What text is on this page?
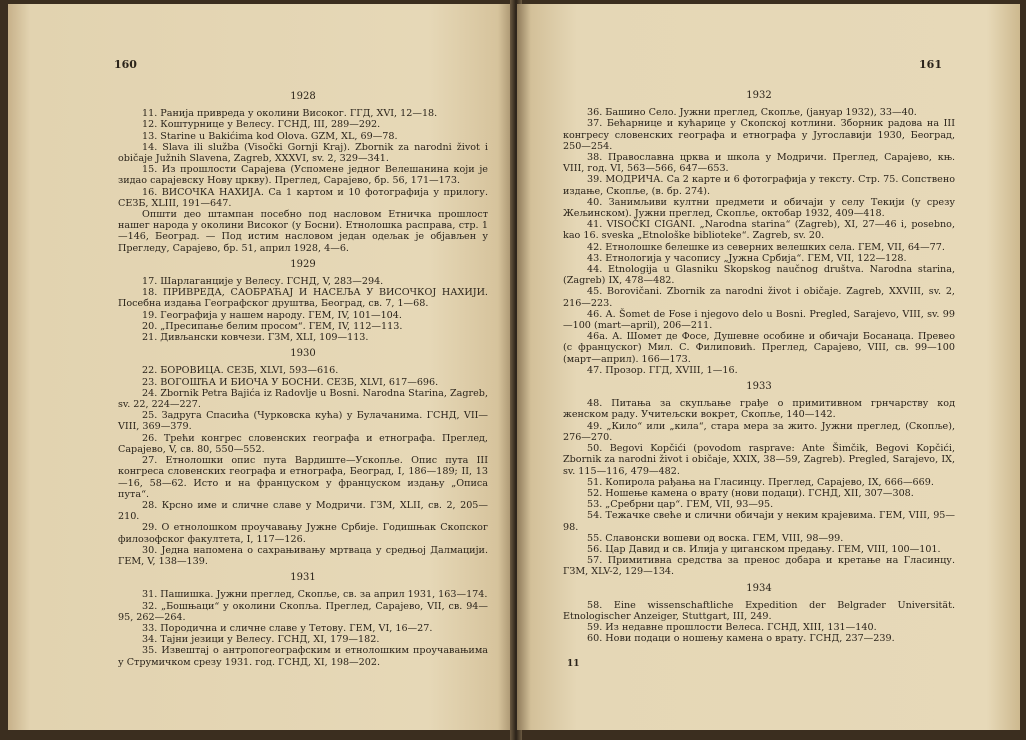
160
1928

11. Ранија привреда у околини Високог. ГГД, XVI, 12—18.

12. Коштурнице у Велесу. ГСНД, III, 289—292.

13. Starine u Bakićima kod Olova. GZM, XL, 69—78.

14. Slava ili služba (Visočki Gornji Kraj). Zbornik za narodni život i običaje Južnih Slavena, Zagreb, XXXVI, sv. 2, 329—341.

15. Из прошлости Сарајева (Успомене једног Велешанина који је зидао сарајевску Нову цркву). Преглед, Сарајево, бр. 56, 171—173.

16. ВИСОЧКА НАХИЈА. Са 1 картом и 10 фотографија у прилогу. СЕЗБ, XLIII, 191—647.

Општи део штампан посебно под насловом Етничка прошлост нашег народа у околини Високог (у Босни). Етнолошка расправа, стр. 1—146, Београд. — Под истим насловом један одељак је објављен у Прегледу, Сарајево, бр. 51, април 1928, 4—6.

1929

17. Шарлаганције у Велесу. ГСНД, V, 283—294.

18. ПРИВРЕДА, САОБРАЋАЈ И НАСЕЉА У ВИСОЧКОЈ НАХИЈИ. Посебна издања Географског друштва, Београд, св. 7, 1—68.

19. Географија у нашем народу. ГЕМ, IV, 101—104.

20. „Пресипање белим просом“. ГЕМ, IV, 112—113.

21. Дивљански ковчези. ГЗМ, XLI, 109—113.

1930

22. БОРОВИЦА. СЕЗБ, XLVI, 593—616.

23. ВОГОШЋА И БИОЧА У БОСНИ. СЕЗБ, XLVI, 617—696.

24. Zbornik Petra Bajića iz Radovlje u Bosni. Narodna Starina, Zagreb, sv. 22, 224—227.

25. Задруга Спасића (Чурковска кућа) у Булачанима. ГСНД, VII—VIII, 369—379.

26. Трећи конгрес словенских географа и етнографа. Преглед, Сарајево, V, св. 80, 550—552.

27. Етнолошки опис пута Вардиште—Ускопље. Опис пута III конгреса словенских географа и етнографа, Београд, I, 186—189; II, 13—16, 58—62. Исто и на француском у француском издању „Описа пута“.

28. Крсно име и сличне славе у Модричи. ГЗМ, XLII, св. 2, 205—210.

29. О етнолошком проучавању Јужне Србије. Годишњак Скопског филозофског факултета, I, 117—126.

30. Једна напомена о сахрањивању мртваца у средњој Далмацији. ГЕМ, V, 138—139.

1931

31. Пашишка. Јужни преглед, Скопље, св. за април 1931, 163—174.

32. „Бошњаци“ у околини Скопља. Преглед, Сарајево, VII, св. 94—95, 262—264.

33. Породична и сличне славе у Тетову. ГЕМ, VI, 16—27.

34. Тајни језици у Велесу. ГСНД, XI, 179—182.

35. Извештај о антропогеографским и етнолошким проучавањима у Струмичком срезу 1931. год. ГСНД, XI, 198—202.

161
1932

36. Башино Село. Јужни преглед, Скопље, (јануар 1932), 33—40.

37. Бећарнице и кућарице у Скопској котлини. Зборник радова на III конгресу словенских географа и етнографа у Југославији 1930, Београд, 250—254.

38. Православна црква и школа у Модричи. Преглед, Сарајево, књ. VIII, год. VI, 563—566, 647—653.

39. МОДРИЧА. Са 2 карте и 6 фотографија у тексту. Стр. 75. Сопствено издање, Скопље, (в. бр. 274).

40. Занимљиви култни предмети и обичаји у селу Текији (у срезу Жељинском). Јужни преглед, Скопље, октобар 1932, 409—418.

41. VISOČKI CIGANI. „Narodna starina“ (Zagreb), XI, 27—46 i, posebno, kao 16. sveska „Etnološke biblioteke“. Zagreb, sv. 20.

42. Етнолошке белешке из северних велешких села. ГЕМ, VII, 64—77.

43. Етнологија у часопису „Јужна Србија“. ГЕМ, VII, 122—128.

44. Etnologija u Glasniku Skopskog naučnog društva. Narodna starina, (Zagreb) IX, 478—482.

45. Borovičani. Zbornik za narodni život i običaje. Zagreb, XXVIII, sv. 2, 216—223.

46. A. Šomet de Fose i njegovo delo u Bosni. Pregled, Sarajevo, VIII, sv. 99—100 (mart—april), 206—211.

46а. А. Шомет де Фосе, Душевне особине и обичаји Босанаца. Превео (с француског) Мил. С. Филиповић. Преглед, Сарајево, VIII, св. 99—100 (март—април). 166—173.

47. Прозор. ГГД, XVIII, 1—16.

1933

48. Питања за скупљање грађе о примитивном грнчарству код женском раду. Учитељски вокрет, Скопље, 140—142.

49. „Кило“ или „кила“, стара мера за жито. Јужни преглед, (Скопље), 276—270.

50. Begovi Kopčići (povodom rasprave: Ante Šimčik, Begovi Kopčići, Zbornik za narodni život i običaje, XXIX, 38—59, Zagreb). Pregled, Sarajevo, IX, sv. 115—116, 479—482.

51. Копирола рађања на Гласинцу. Преглед, Сарајево, IX, 666—669.

52. Ношење камена о врату (нови подаци). ГСНД, XII, 307—308.

53. „Сребрни цар“. ГЕМ, VII, 93—95.

54. Тежачке свеће и слични обичаји у неким крајевима. ГЕМ, VIII, 95—98.

55. Славонски вошеви од воска. ГЕМ, VIII, 98—99.

56. Цар Давид и св. Илија у циганском предању. ГЕМ, VIII, 100—101.

57. Примитивна средства за пренос добара и кретање на Гласинцу. ГЗМ, XLV-2, 129—134.

1934

58. Eine wissenschaftliche Expedition der Belgrader Universität. Etnologischer Anzeiger, Stuttgart, III, 249.

59. Из недавне прошлости Велеса. ГСНД, XIII, 131—140.

60. Нови подаци о ношењу камена о врату. ГСНД, 237—239.

11
